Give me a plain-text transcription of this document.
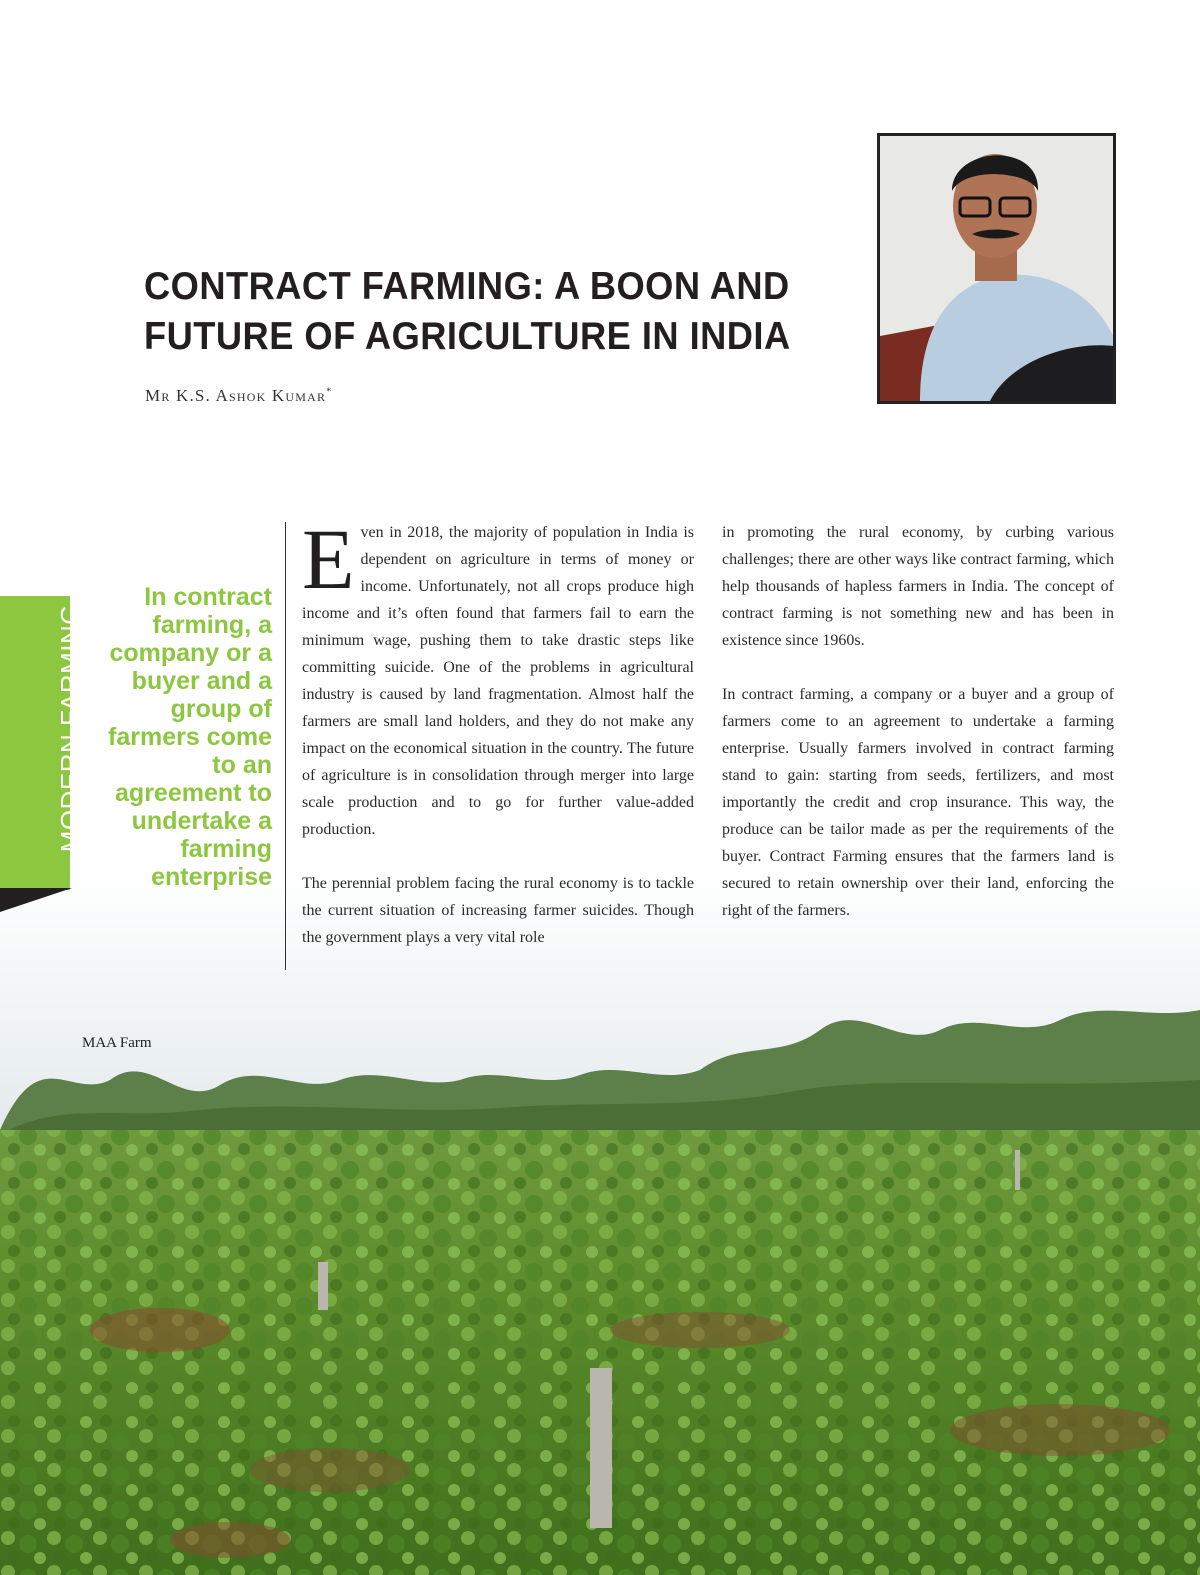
CONTRACT FARMING: A BOON AND
FUTURE OF AGRICULTURE IN INDIA
Mr K.S. Ashok Kumar*
MODERN FARMING
In contract farming, a company or a buyer and a group of farmers come to an agreement to undertake a farming enterprise

Even in 2018, the majority of population in India is dependent on agriculture in terms of money or income. Unfortunately, not all crops produce high income and it’s often found that farmers fail to earn the minimum wage, pushing them to take drastic steps like committing suicide. One of the problems in agricultural industry is caused by land fragmentation. Almost half the farmers are small land holders, and they do not make any impact on the economical situation in the country. The future of agriculture is in consolidation through merger into large scale production and to go for further value-added production.

The perennial problem facing the rural economy is to tackle the current situation of increasing farmer suicides. Though the government plays a very vital role

in promoting the rural economy, by curbing various challenges; there are other ways like contract farming, which help thousands of hapless farmers in India. The concept of contract farming is not something new and has been in existence since 1960s.

In contract farming, a company or a buyer and a group of farmers come to an agreement to undertake a farming enterprise. Usually farmers involved in contract farming stand to gain: starting from seeds, fertilizers, and most importantly the credit and crop insurance. This way, the produce can be tailor made as per the requirements of the buyer. Contract Farming ensures that the farmers land is secured to retain ownership over their land, enforcing the right of the farmers.

MAA Farm
